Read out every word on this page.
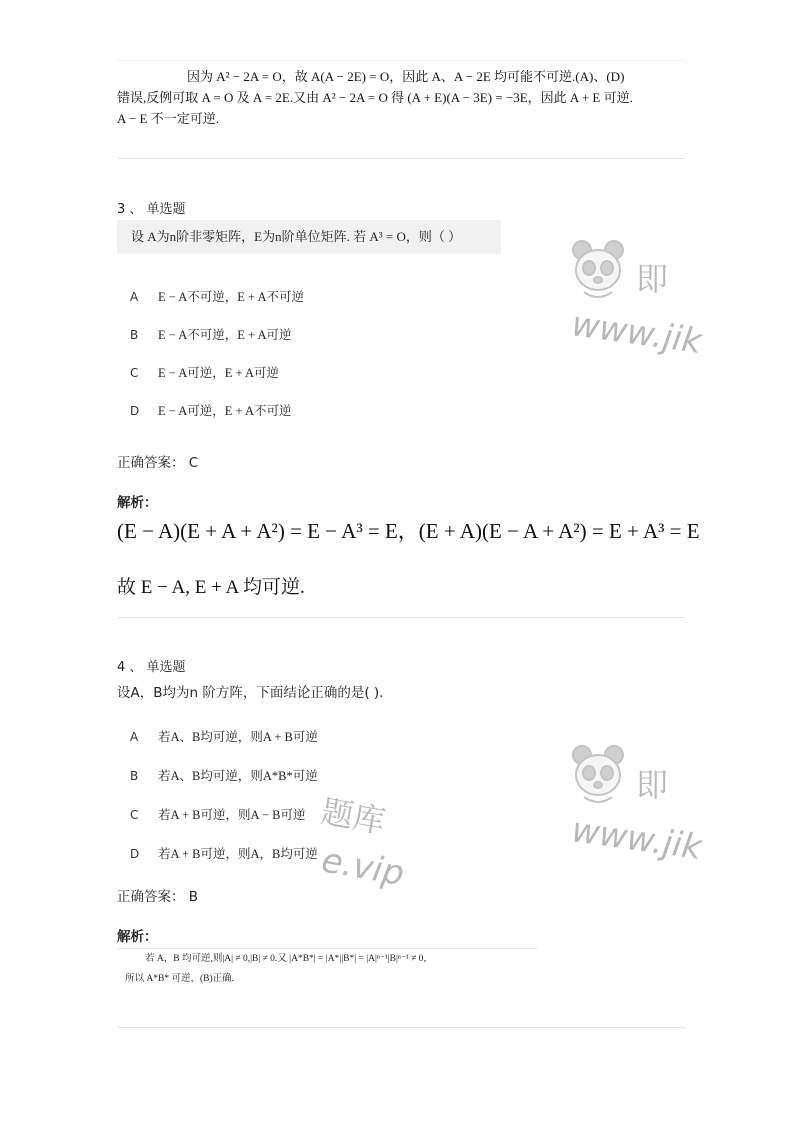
因为 A² − 2A = O，故 A(A − 2E) = O，因此 A、A − 2E 均可能不可逆.(A)、(D)
错误,反例可取 A = O 及 A = 2E.又由 A² − 2A = O 得 (A + E)(A − 3E) = −3E，因此 A + E 可逆.
A − E 不一定可逆.
3 、 单选题
设 A为n阶非零矩阵，E为n阶单位矩阵. 若 A³ = O，则（ ）
A E − A不可逆，E + A不可逆
B E − A不可逆，E + A可逆
C E − A可逆，E + A可逆
D E − A可逆，E + A不可逆
正确答案： C
解析：
(E − A)(E + A + A²) = E − A³ = E，(E + A)(E − A + A²) = E + A³ = E
故 E − A, E + A 均可逆.
4 、 单选题
设A，B均为n 阶方阵，下面结论正确的是( ).
A 若A、B均可逆，则A + B可逆
B 若A、B均可逆，则A*B*可逆
C 若A + B可逆，则A − B可逆
D 若A + B可逆，则A，B均可逆
正确答案： B
解析：
若 A，B 均可逆,则|A| ≠ 0,|B| ≠ 0.又 |A*B*| = |A*||B*| = |A|ⁿ⁻¹|B|ⁿ⁻¹ ≠ 0，
所以 A*B* 可逆，(B)正确.
即
www.jik
即
www.jik
题库
e.vip
